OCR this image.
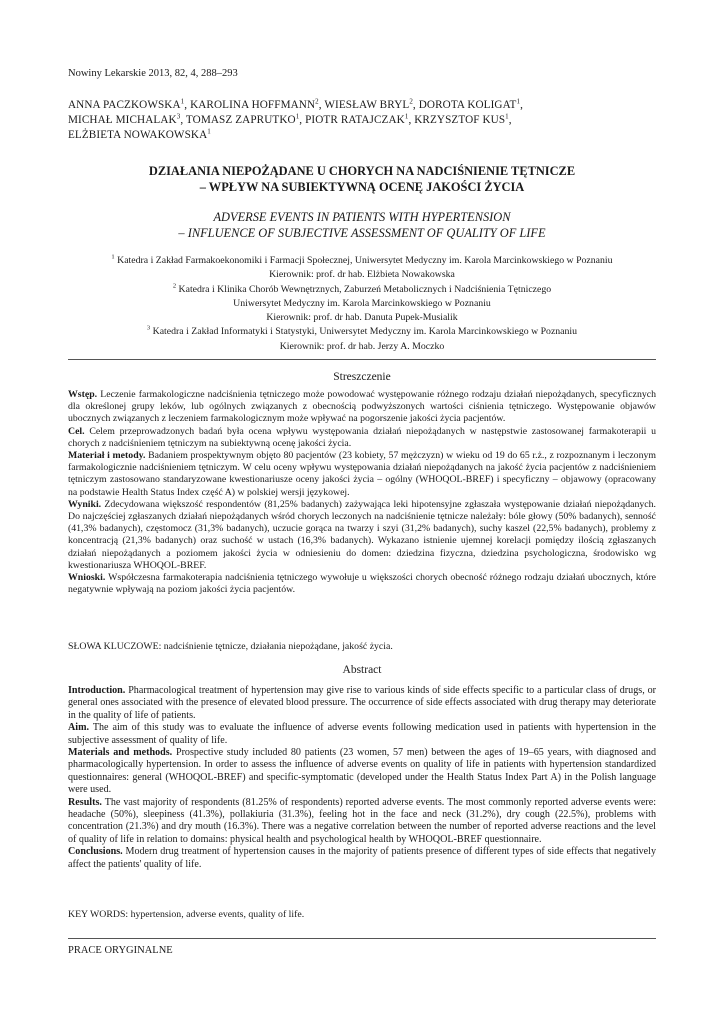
Nowiny Lekarskie 2013, 82, 4, 288–293
ANNA PACZKOWSKA$^1$, KAROLINA HOFFMANN$^2$, WIESŁAW BRYL$^2$, DOROTA KOLIGAT$^1$,
MICHAŁ MICHALAK$^3$, TOMASZ ZAPRUTKO$^1$, PIOTR RATAJCZAK$^1$, KRZYSZTOF KUS$^1$,
ELŻBIETA NOWAKOWSKA$^1$
DZIAŁANIA NIEPOŻĄDANE U CHORYCH NA NADCIŚNIENIE TĘTNICZE
– WPŁYW NA SUBIEKTYWNĄ OCENĘ JAKOŚCI ŻYCIA
ADVERSE EVENTS IN PATIENTS WITH HYPERTENSION
– INFLUENCE OF SUBJECTIVE ASSESSMENT OF QUALITY OF LIFE
$^1$ Katedra i Zakład Farmakoekonomiki i Farmacji Społecznej, Uniwersytet Medyczny im. Karola Marcinkowskiego w Poznaniu
Kierownik: prof. dr hab. Elżbieta Nowakowska
$^2$ Katedra i Klinika Chorób Wewnętrznych, Zaburzeń Metabolicznych i Nadciśnienia Tętniczego
Uniwersytet Medyczny im. Karola Marcinkowskiego w Poznaniu
Kierownik: prof. dr hab. Danuta Pupek-Musialik
$^3$ Katedra i Zakład Informatyki i Statystyki, Uniwersytet Medyczny im. Karola Marcinkowskiego w Poznaniu
Kierownik: prof. dr hab. Jerzy A. Moczko
Streszczenie

Wstęp. Leczenie farmakologiczne nadciśnienia tętniczego może powodować występowanie różnego rodzaju działań niepożądanych, specyficznych dla określonej grupy leków, lub ogólnych związanych z obecnością podwyższonych wartości ciśnienia tętniczego. Występowanie objawów ubocznych związanych z leczeniem farmakologicznym może wpływać na pogorszenie jakości życia pacjentów.

Cel. Celem przeprowadzonych badań była ocena wpływu występowania działań niepożądanych w następstwie zastosowanej farmakoterapii u chorych z nadciśnieniem tętniczym na subiektywną ocenę jakości życia.

Materiał i metody. Badaniem prospektywnym objęto 80 pacjentów (23 kobiety, 57 mężczyzn) w wieku od 19 do 65 r.ż., z rozpoznanym i leczonym farmakologicznie nadciśnieniem tętniczym. W celu oceny wpływu występowania działań niepożądanych na jakość życia pacjentów z nadciśnieniem tętniczym zastosowano standaryzowane kwestionariusze oceny jakości życia – ogólny (WHOQOL-BREF) i specyficzny – objawowy (opracowany na podstawie Health Status Index część A) w polskiej wersji językowej.

Wyniki. Zdecydowana większość respondentów (81,25% badanych) zażywająca leki hipotensyjne zgłaszała występowanie działań niepożądanych. Do najczęściej zgłaszanych działań niepożądanych wśród chorych leczonych na nadciśnienie tętnicze należały: bóle głowy (50% badanych), senność (41,3% badanych), częstomocz (31,3% badanych), uczucie gorąca na twarzy i szyi (31,2% badanych), suchy kaszel (22,5% badanych), problemy z koncentracją (21,3% badanych) oraz suchość w ustach (16,3% badanych). Wykazano istnienie ujemnej korelacji pomiędzy ilością zgłaszanych działań niepożądanych a poziomem jakości życia w odniesieniu do domen: dziedzina fizyczna, dziedzina psychologiczna, środowisko wg kwestionariusza WHOQOL-BREF.

Wnioski. Współczesna farmakoterapia nadciśnienia tętniczego wywołuje u większości chorych obecność różnego rodzaju działań ubocznych, które negatywnie wpływają na poziom jakości życia pacjentów.

SŁOWA KLUCZOWE: nadciśnienie tętnicze, działania niepożądane, jakość życia.
Abstract

Introduction. Pharmacological treatment of hypertension may give rise to various kinds of side effects specific to a particular class of drugs, or general ones associated with the presence of elevated blood pressure. The occurrence of side effects associated with drug therapy may deteriorate in the quality of life of patients.

Aim. The aim of this study was to evaluate the influence of adverse events following medication used in patients with hypertension in the subjective assessment of quality of life.

Materials and methods. Prospective study included 80 patients (23 women, 57 men) between the ages of 19–65 years, with diagnosed and pharmacologically hypertension. In order to assess the influence of adverse events on quality of life in patients with hypertension standardized questionnaires: general (WHOQOL-BREF) and specific-symptomatic (developed under the Health Status Index Part A) in the Polish language were used.

Results. The vast majority of respondents (81.25% of respondents) reported adverse events. The most commonly reported adverse events were: headache (50%), sleepiness (41.3%), pollakiuria (31.3%), feeling hot in the face and neck (31.2%), dry cough (22.5%), problems with concentration (21.3%) and dry mouth (16.3%). There was a negative correlation between the number of reported adverse reactions and the level of quality of life in relation to domains: physical health and psychological health by WHOQOL-BREF questionnaire.

Conclusions. Modern drug treatment of hypertension causes in the majority of patients presence of different types of side effects that negatively affect the patients' quality of life.

KEY WORDS: hypertension, adverse events, quality of life.
PRACE ORYGINALNE
